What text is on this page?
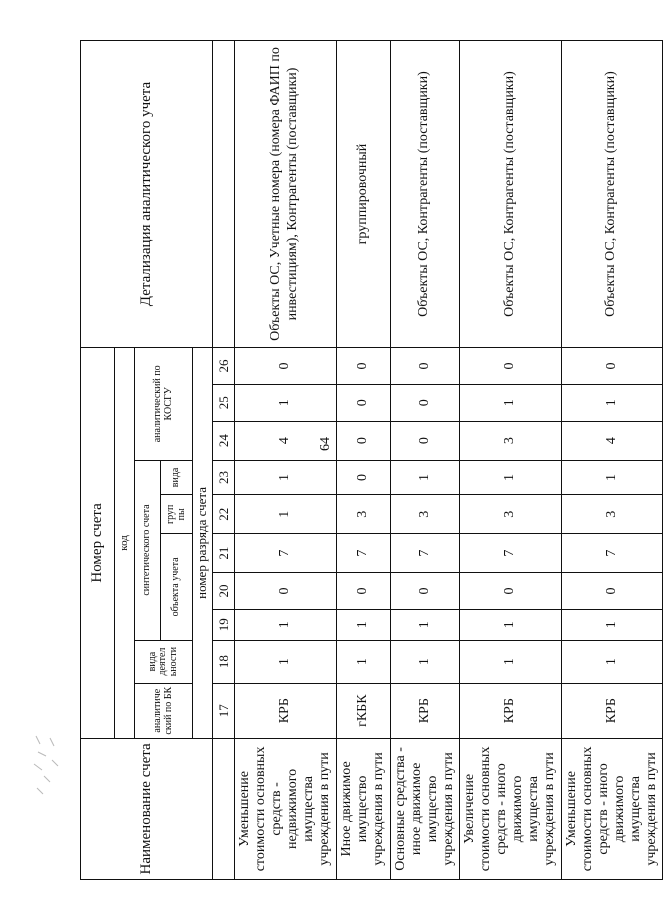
64
Наименование счета	Номер счета										Детализация аналитического учета
	код										
	аналитиче ский по БК	вида деятел ьности	синтетического счета					аналитический по КОСГУ			
			объекта учета			груп пы	вида				
	номер разряда счета										
	17	18	19	20	21	22	23	24	25	26	
Уменьшение стоимости основных средств - недвижимого имущества учреждения в пути	КРБ	1	1	0	7	1	1	4	1	0	Объекты ОС, Учетные номера (номера ФАИП по инвестициям), Контрагенты (поставщики)
Иное движимое имущество учреждения в пути	гКБК	1	1	0	7	3	0	0	0	0	группировочный
Основные средства - иное движимое имущество учреждения в пути	КРБ	1	1	0	7	3	1	0	0	0	Объекты ОС, Контрагенты (поставщики)
Увеличение стоимости основных средств - иного движимого имущества учреждения в пути	КРБ	1	1	0	7	3	1	3	1	0	Объекты ОС, Контрагенты (поставщики)
Уменьшение стоимости основных средств - иного движимого имущества учреждения в пути	КРБ	1	1	0	7	3	1	4	1	0	Объекты ОС, Контрагенты (поставщики)
